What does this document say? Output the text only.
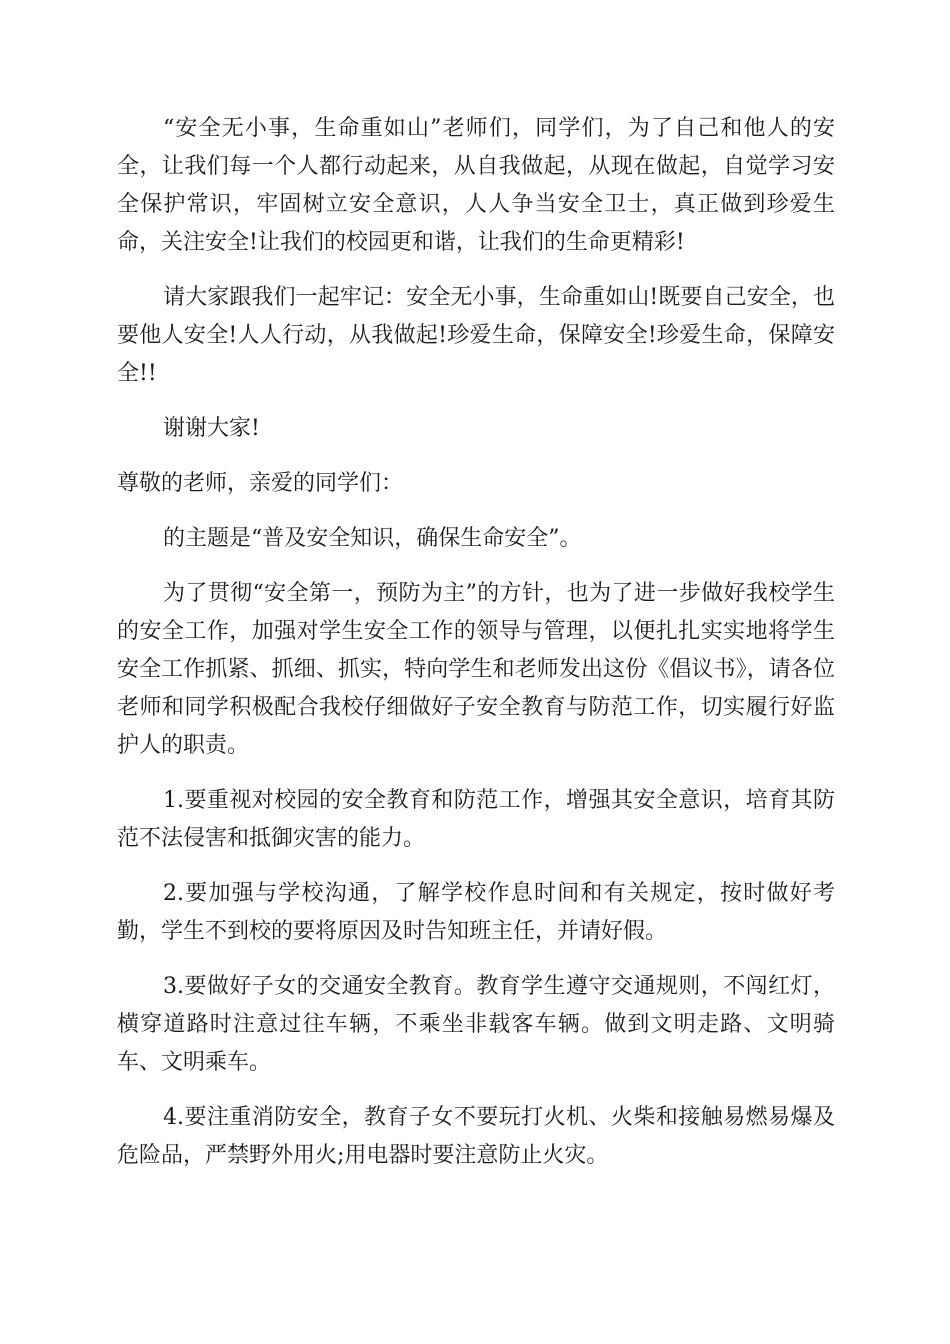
“安全无小事，生命重如山”老师们，同学们，为了自己和他人的安全，让我们每一个人都行动起来，从自我做起，从现在做起，自觉学习安全保护常识，牢固树立安全意识，人人争当安全卫士，真正做到珍爱生命，关注安全!让我们的校园更和谐，让我们的生命更精彩!

请大家跟我们一起牢记：安全无小事，生命重如山!既要自己安全，也要他人安全!人人行动，从我做起!珍爱生命，保障安全!珍爱生命，保障安全!!

谢谢大家!

尊敬的老师，亲爱的同学们：

的主题是“普及安全知识，确保生命安全”。

为了贯彻“安全第一，预防为主”的方针，也为了进一步做好我校学生的安全工作，加强对学生安全工作的领导与管理，以便扎扎实实地将学生安全工作抓紧、抓细、抓实，特向学生和老师发出这份《倡议书》，请各位老师和同学积极配合我校仔细做好子安全教育与防范工作，切实履行好监护人的职责。

1.要重视对校园的安全教育和防范工作，增强其安全意识，培育其防范不法侵害和抵御灾害的能力。

2.要加强与学校沟通，了解学校作息时间和有关规定，按时做好考勤，学生不到校的要将原因及时告知班主任，并请好假。

3.要做好子女的交通安全教育。教育学生遵守交通规则，不闯红灯，横穿道路时注意过往车辆，不乘坐非载客车辆。做到文明走路、文明骑车、文明乘车。

4.要注重消防安全，教育子女不要玩打火机、火柴和接触易燃易爆及危险品，严禁野外用火;用电器时要注意防止火灾。
